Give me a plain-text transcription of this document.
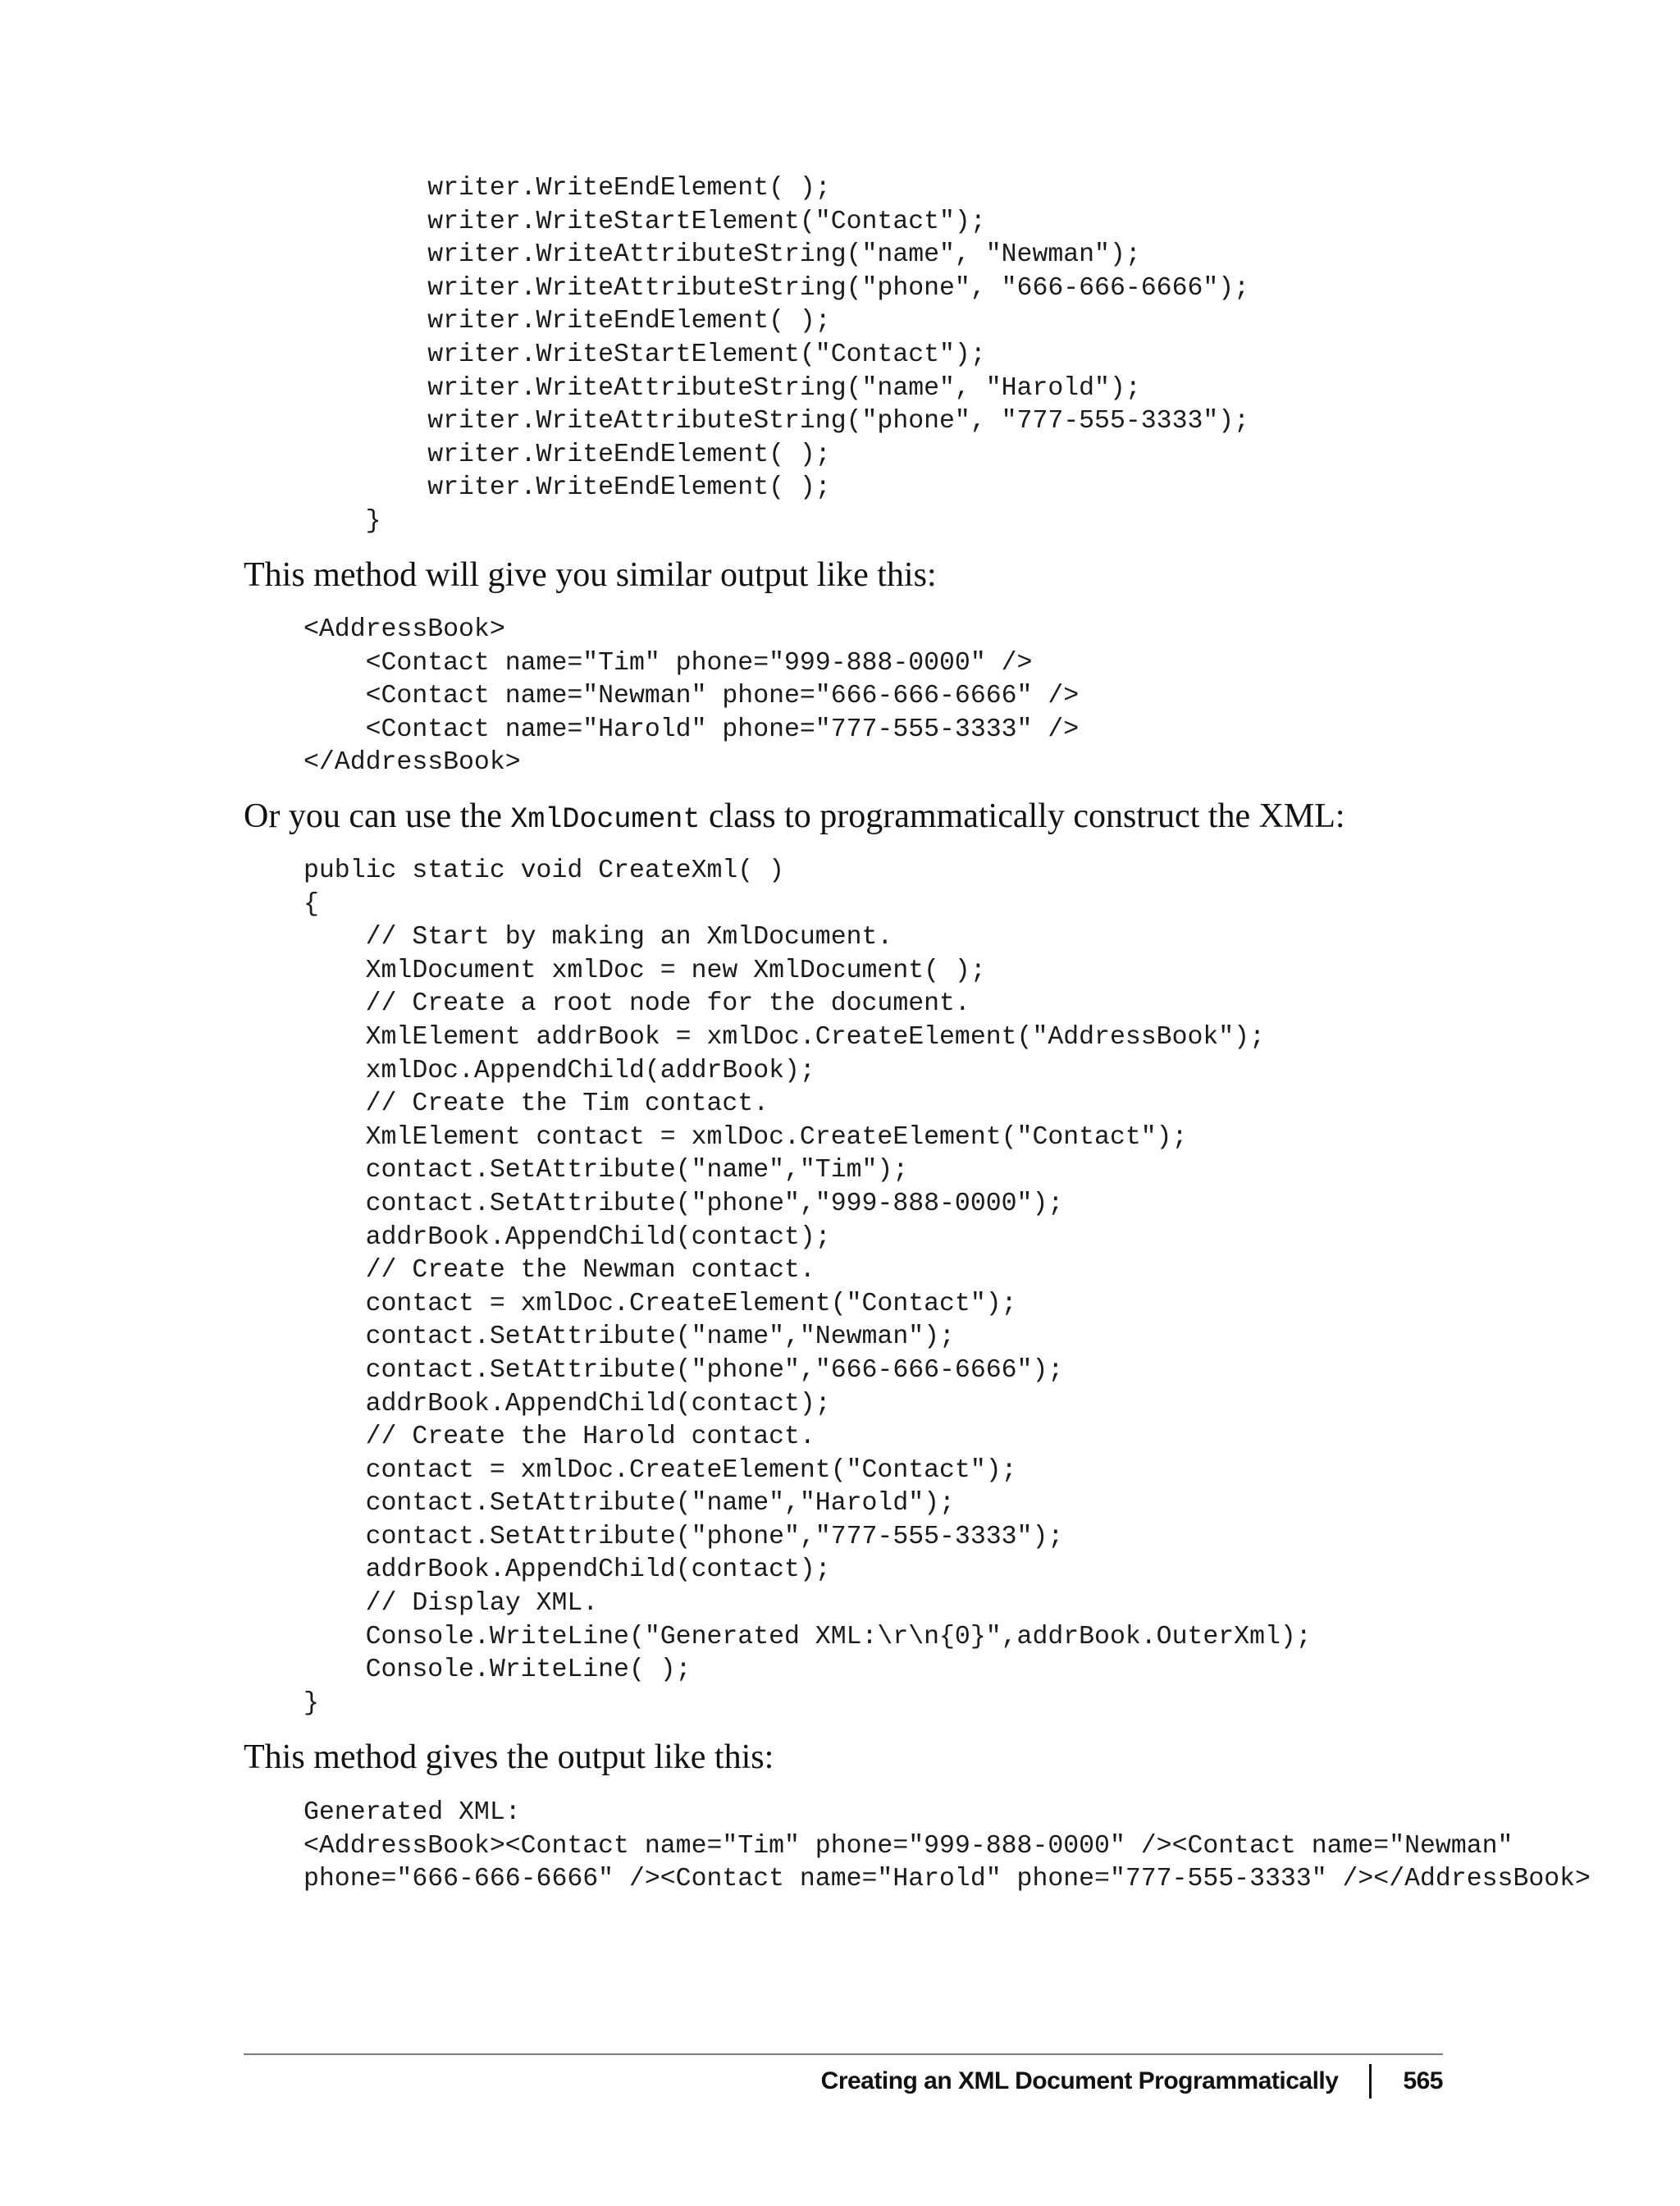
writer.WriteEndElement( );
writer.WriteStartElement("Contact");
writer.WriteAttributeString("name", "Newman");
writer.WriteAttributeString("phone", "666-666-6666");
writer.WriteEndElement( );
writer.WriteStartElement("Contact");
writer.WriteAttributeString("name", "Harold");
writer.WriteAttributeString("phone", "777-555-3333");
writer.WriteEndElement( );
writer.WriteEndElement( );
}

This method will give you similar output like this:

<AddressBook>
<Contact name="Tim" phone="999-888-0000" />
<Contact name="Newman" phone="666-666-6666" />
<Contact name="Harold" phone="777-555-3333" />
</AddressBook>

Or you can use the XmlDocument class to programmatically construct the XML:

public static void CreateXml( )
{
// Start by making an XmlDocument.
XmlDocument xmlDoc = new XmlDocument( );
// Create a root node for the document.
XmlElement addrBook = xmlDoc.CreateElement("AddressBook");
xmlDoc.AppendChild(addrBook);
// Create the Tim contact.
XmlElement contact = xmlDoc.CreateElement("Contact");
contact.SetAttribute("name","Tim");
contact.SetAttribute("phone","999-888-0000");
addrBook.AppendChild(contact);
// Create the Newman contact.
contact = xmlDoc.CreateElement("Contact");
contact.SetAttribute("name","Newman");
contact.SetAttribute("phone","666-666-6666");
addrBook.AppendChild(contact);
// Create the Harold contact.
contact = xmlDoc.CreateElement("Contact");
contact.SetAttribute("name","Harold");
contact.SetAttribute("phone","777-555-3333");
addrBook.AppendChild(contact);
// Display XML.
Console.WriteLine("Generated XML:\r\n{0}",addrBook.OuterXml);
Console.WriteLine( );
}

This method gives the output like this:

Generated XML:
<AddressBook><Contact name="Tim" phone="999-888-0000" /><Contact name="Newman"
phone="666-666-6666" /><Contact name="Harold" phone="777-555-3333" /></AddressBook>
Creating an XML Document Programmatically	565
